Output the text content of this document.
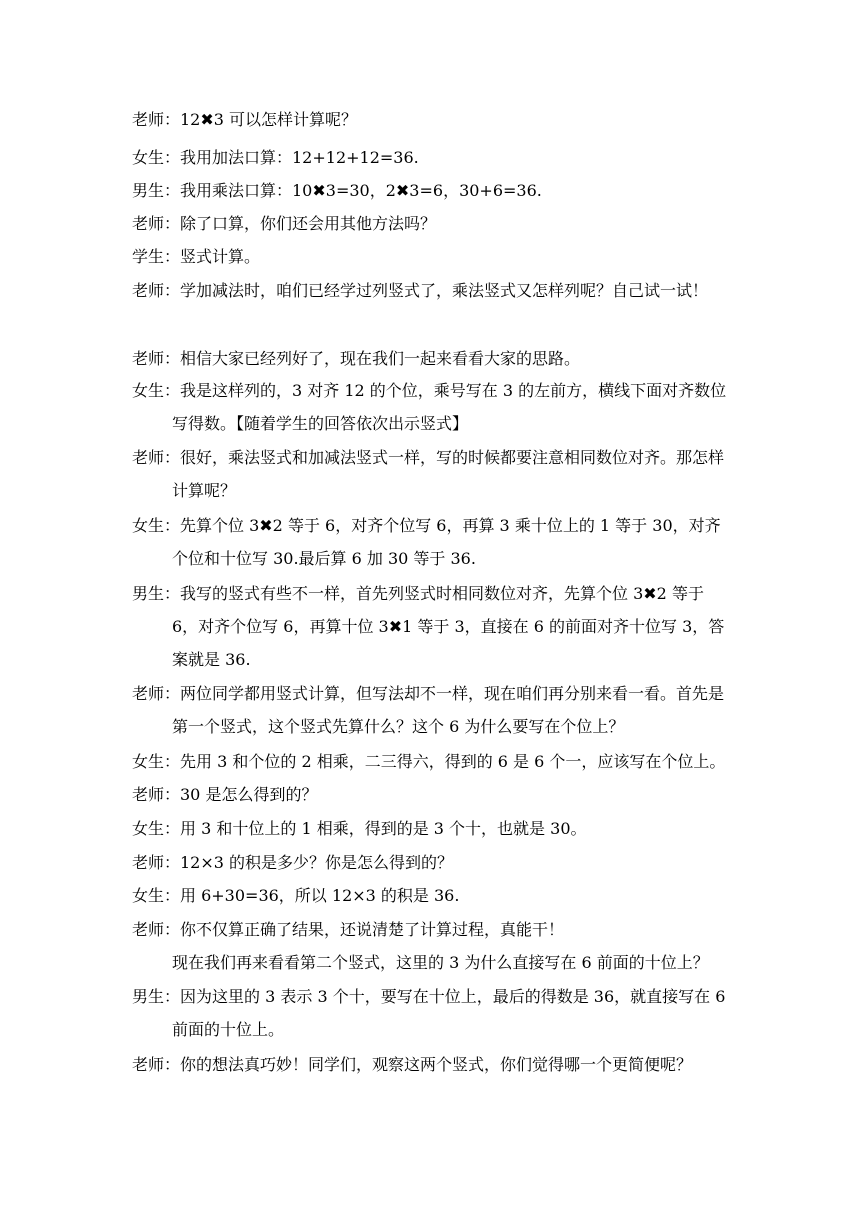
老师：12✖3 可以怎样计算呢？
女生：我用加法口算：12+12+12=36.
男生：我用乘法口算：10✖3=30，2✖3=6，30+6=36.
老师：除了口算，你们还会用其他方法吗？
学生：竖式计算。
老师：学加减法时，咱们已经学过列竖式了，乘法竖式又怎样列呢？自己试一试！
老师：相信大家已经列好了，现在我们一起来看看大家的思路。
女生：我是这样列的，3 对齐 12 的个位，乘号写在 3 的左前方，横线下面对齐数位写得数。【随着学生的回答依次出示竖式】
老师：很好，乘法竖式和加减法竖式一样，写的时候都要注意相同数位对齐。那怎样计算呢？
女生：先算个位 3✖2 等于 6，对齐个位写 6，再算 3 乘十位上的 1 等于 30，对齐个位和十位写 30.最后算 6 加 30 等于 36.
男生：我写的竖式有些不一样，首先列竖式时相同数位对齐，先算个位 3✖2 等于 6，对齐个位写 6，再算十位 3✖1 等于 3，直接在 6 的前面对齐十位写 3，答案就是 36.
老师：两位同学都用竖式计算，但写法却不一样，现在咱们再分别来看一看。首先是第一个竖式，这个竖式先算什么？这个 6 为什么要写在个位上？
女生：先用 3 和个位的 2 相乘，二三得六，得到的 6 是 6 个一，应该写在个位上。
老师：30 是怎么得到的？
女生：用 3 和十位上的 1 相乘，得到的是 3 个十，也就是 30。
老师：12×3 的积是多少？你是怎么得到的？
女生：用 6+30=36，所以 12×3 的积是 36.
老师：你不仅算正确了结果，还说清楚了计算过程，真能干！
现在我们再来看看第二个竖式，这里的 3 为什么直接写在 6 前面的十位上？
男生：因为这里的 3 表示 3 个十，要写在十位上，最后的得数是 36，就直接写在 6 前面的十位上。
老师：你的想法真巧妙！同学们，观察这两个竖式，你们觉得哪一个更简便呢？
